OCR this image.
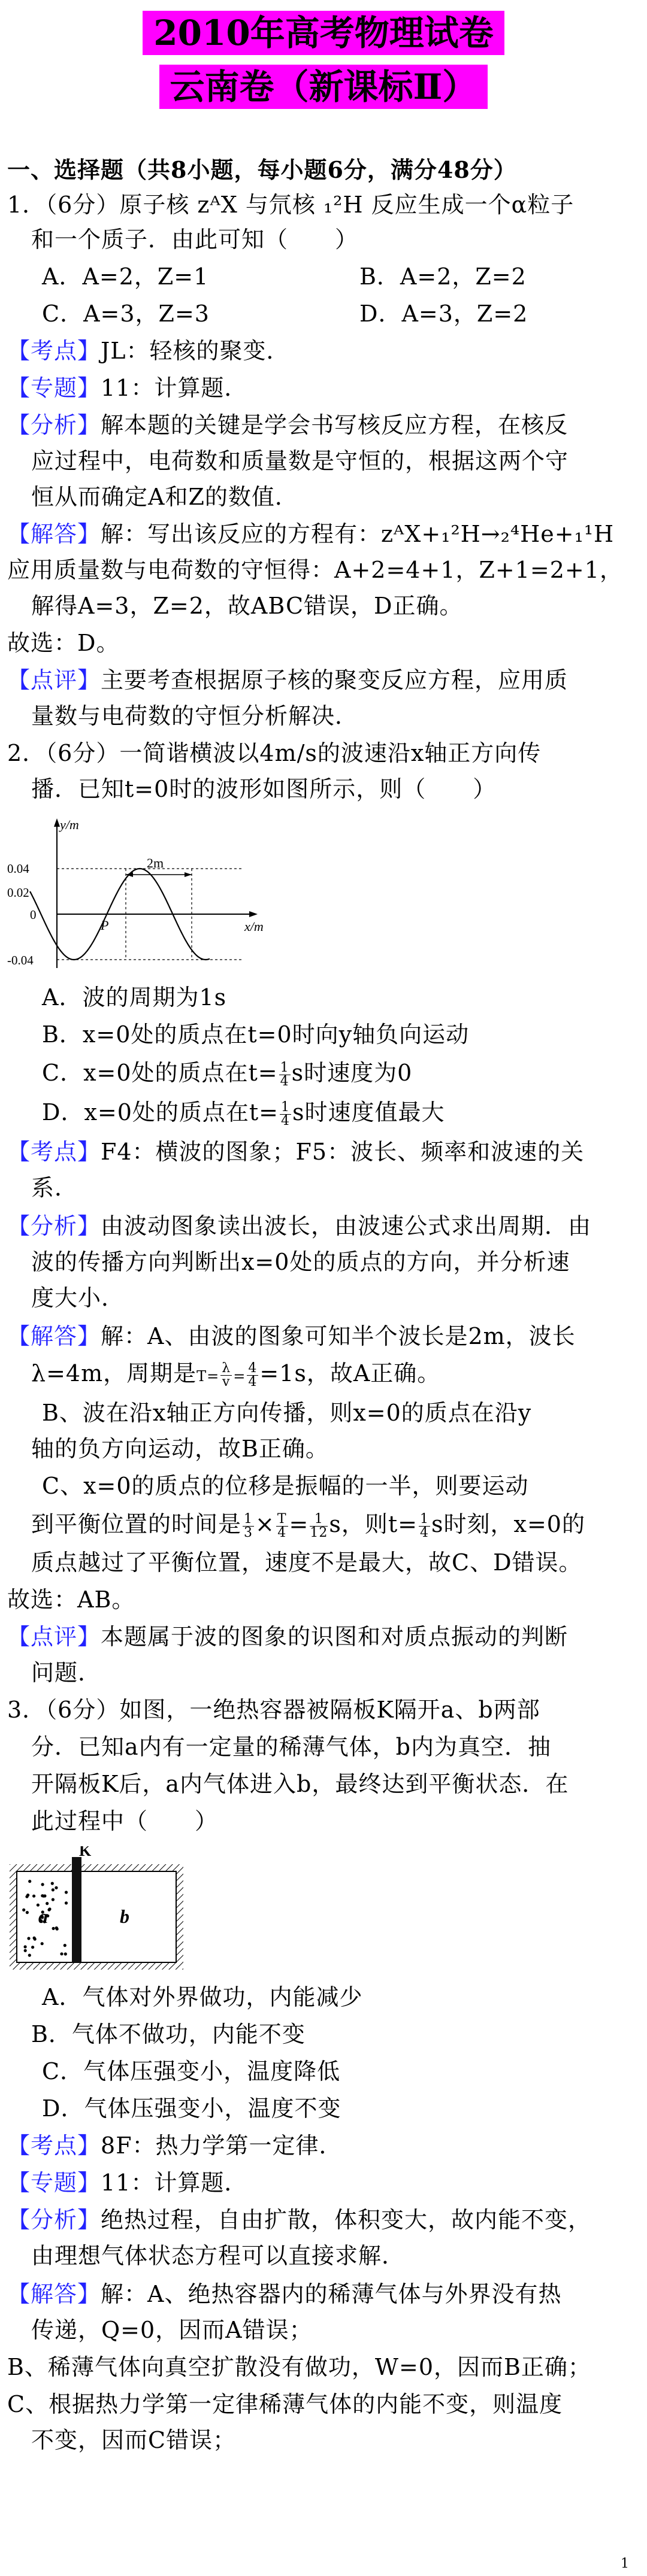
2010年高考物理试卷
云南卷（新课标Ⅱ）
一、选择题（共8小题，每小题6分，满分48分）
1．（6分）原子核 zᴬX 与氘核 ₁²H 反应生成一个α粒子
和一个质子．由此可知（　　）
A．A=2，Z=1	B．A=2，Z=2
C．A=3，Z=3	D．A=3，Z=2
【考点】JL：轻核的聚变．
【专题】11：计算题．
【分析】解本题的关键是学会书写核反应方程，在核反
应过程中，电荷数和质量数是守恒的，根据这两个守
恒从而确定A和Z的数值．
【解答】解：写出该反应的方程有：zᴬX+₁²H→₂⁴He+₁¹H
应用质量数与电荷数的守恒得：A+2=4+1，Z+1=2+1，
解得A=3，Z=2，故ABC错误，D正确。
故选：D。
【点评】主要考查根据原子核的聚变反应方程，应用质
量数与电荷数的守恒分析解决．
2．（6分）一简谐横波以4m/s的波速沿x轴正方向传
播．已知t=0时的波形如图所示，则（　　）
y/m
x/m
0.04
0.02
0
-0.04
2m
P
A．波的周期为1s
B．x=0处的质点在t=0时向y轴负向运动
C．x=0处的质点在$t= \frac{1}{4}$ s时速度为0
D．x=0处的质点在$t= \frac{1}{4}$ s时速度值最大
【考点】F4：横波的图象；F5：波长、频率和波速的关
系．
【分析】由波动图象读出波长，由波速公式求出周期．由
波的传播方向判断出x=0处的质点的方向，并分析速
度大小．
【解答】解：A、由波的图象可知半个波长是2m，波长
λ=4m，周期是$T= \frac{\lambda}{v} = \frac{4}{4} =1s$，故A正确。
B、波在沿x轴正方向传播，则x=0的质点在沿y
轴的负方向运动，故B正确。
C、x=0的质点的位移是振幅的一半，则要运动
到平衡位置的时间是 $\frac{1}{3} \times \frac{T}{4} = \frac{1}{12}$ s，则$t= \frac{1}{4}$ s时刻，x=0的
质点越过了平衡位置，速度不是最大，故C、D错误。
故选：AB。
【点评】本题属于波的图象的识图和对质点振动的判断
问题．
3．（6分）如图，一绝热容器被隔板K隔开a、b两部
分．已知a内有一定量的稀薄气体，b内为真空．抽
开隔板K后，a内气体进入b，最终达到平衡状态．在
此过程中（　　）
K
a	b
A．气体对外界做功，内能减少
B．气体不做功，内能不变
C．气体压强变小，温度降低
D．气体压强变小，温度不变
【考点】8F：热力学第一定律．
【专题】11：计算题．
【分析】绝热过程，自由扩散，体积变大，故内能不变，
由理想气体状态方程可以直接求解．
【解答】解：A、绝热容器内的稀薄气体与外界没有热
传递，Q=0，因而A错误；
B、稀薄气体向真空扩散没有做功，W=0，因而B正确；
C、根据热力学第一定律稀薄气体的内能不变，则温度
不变，因而C错误；
1
